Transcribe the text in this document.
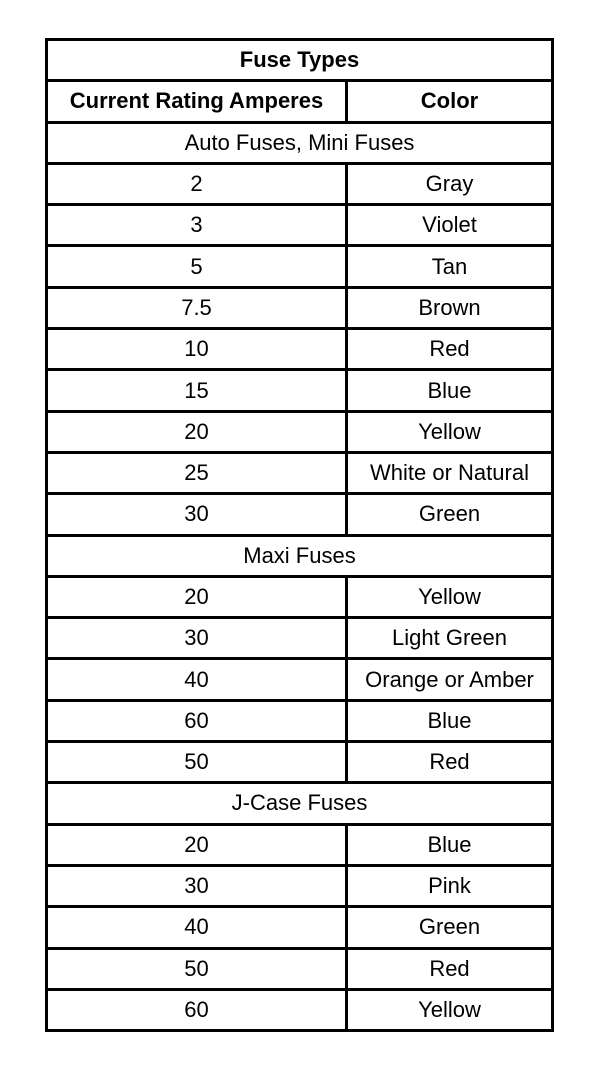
Fuse Types
Current Rating Amperes	Color
Auto Fuses, Mini Fuses
2	Gray
3	Violet
5	Tan
7.5	Brown
10	Red
15	Blue
20	Yellow
25	White or Natural
30	Green
Maxi Fuses
20	Yellow
30	Light Green
40	Orange or Amber
60	Blue
50	Red
J-Case Fuses
20	Blue
30	Pink
40	Green
50	Red
60	Yellow
